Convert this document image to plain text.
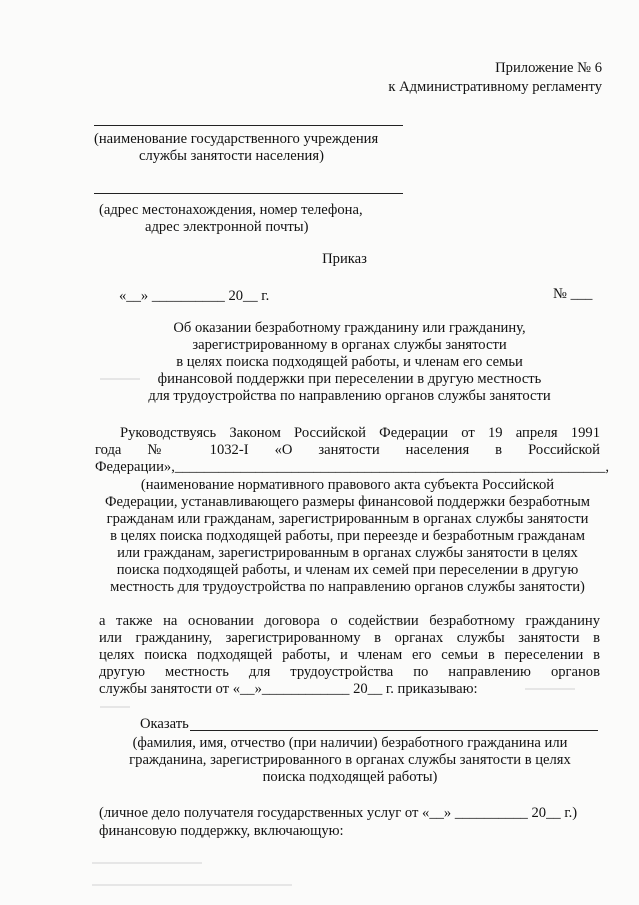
Приложение № 6
к Административному регламенту
(наименование государственного учреждения
службы занятости населения)
(адрес местонахождения, номер телефона,
адрес электронной почты)
Приказ
«__» __________ 20__ г.	№ ___
Об оказании безработному гражданину или гражданину,
зарегистрированному в органах службы занятости
в целях поиска подходящей работы, и членам его семьи
финансовой поддержки при переселении в другую местность
для трудоустройства по направлению органов службы занятости
Руководствуясь Законом Российской Федерации от 19 апреля 1991
года № 1032-I «О занятости населения в Российской
Федерации»,___________________________________________________________,
(наименование нормативного правового акта субъекта Российской
Федерации, устанавливающего размеры финансовой поддержки безработным
гражданам или гражданам, зарегистрированным в органах службы занятости
в целях поиска подходящей работы, при переезде и безработным гражданам
или гражданам, зарегистрированным в органах службы занятости в целях
поиска подходящей работы, и членам их семей при переселении в другую
местность для трудоустройства по направлению органов службы занятости)
а также на основании договора о содействии безработному гражданину
или гражданину, зарегистрированному в органах службы занятости в
целях поиска подходящей работы, и членам его семьи в переселении в
другую местность для трудоустройства по направлению органов
службы занятости от «__»____________ 20__ г. приказываю:
Оказать
(фамилия, имя, отчество (при наличии) безработного гражданина или
гражданина, зарегистрированного в органах службы занятости в целях
поиска подходящей работы)
(личное дело получателя государственных услуг от «__» __________ 20__ г.)
финансовую поддержку, включающую:
